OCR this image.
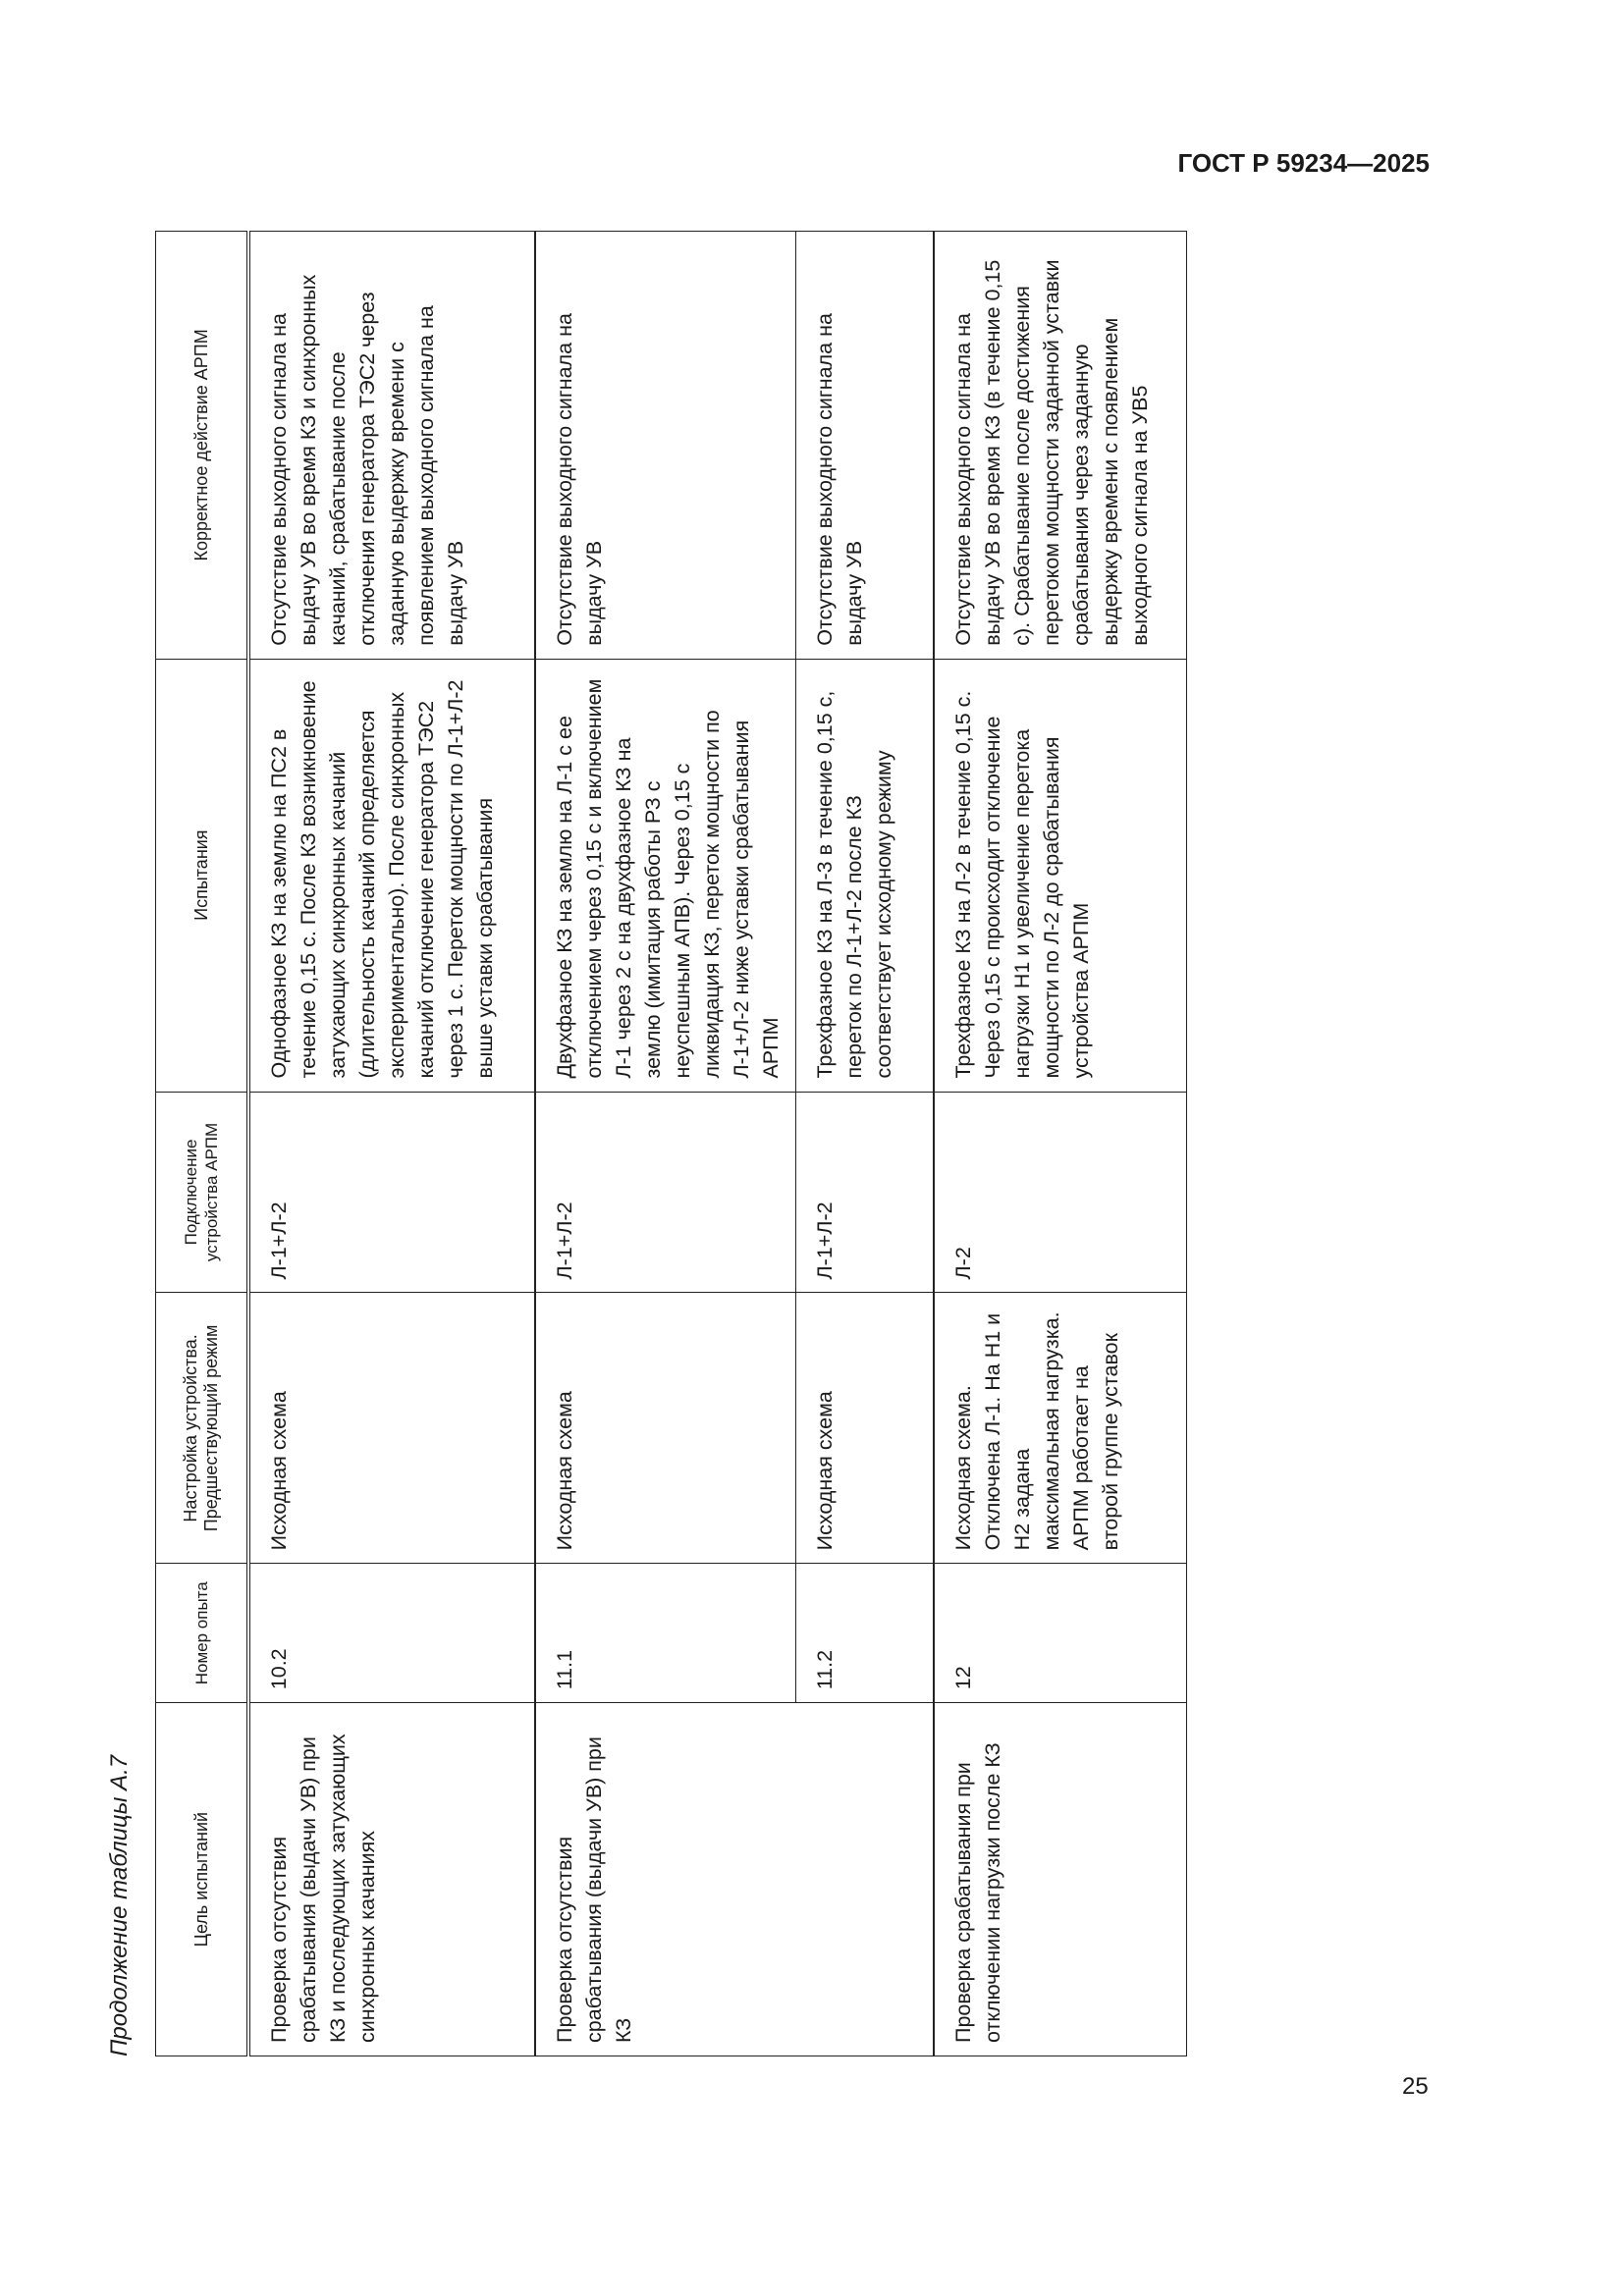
ГОСТ Р 59234—2025
Продолжение таблицы А.7	Цель испытаний	Номер опыта	Настройка устройства. Предшествующий режим	Подключение устройства АРПМ	Испытания	Корректное действие АРПМ
Проверка отсутствия срабатывания (выдачи УВ) при КЗ и последующих затухающих синхронных качаниях	10.2	Исходная схема	Л-1+Л-2	Однофазное КЗ на землю на ПС2 в течение 0,15 с. После КЗ возникновение затухающих синхронных качаний (длительность качаний определяется экспериментально). После синхронных качаний отключение генератора ТЭС2 через 1 с. Переток мощности по Л-1+Л-2 выше уставки срабатывания	Отсутствие выходного сигнала на выдачу УВ во время КЗ и синхронных качаний, срабатывание после отключения генератора ТЭС2 через заданную выдержку времени с появлением выходного сигнала на выдачу УВ
Проверка отсутствия срабатывания (выдачи УВ) при КЗ	11.1	Исходная схема	Л-1+Л-2	Двухфазное КЗ на землю на Л-1 с ее отключением через 0,15 с и включением Л-1 через 2 с на двухфазное КЗ на землю (имитация работы РЗ с неуспешным АПВ). Через 0,15 с ликвидация КЗ, переток мощности по Л-1+Л-2 ниже уставки срабатывания АРПМ	Отсутствие выходного сигнала на выдачу УВ
	11.2	Исходная схема	Л-1+Л-2	Трехфазное КЗ на Л-3 в течение 0,15 с, переток по Л-1+Л-2 после КЗ соответствует исходному режиму	Отсутствие выходного сигнала на выдачу УВ
Проверка срабатывания при отключении нагрузки после КЗ	12	Исходная схема. Отключена Л-1. На Н1 и Н2 задана максимальная нагрузка. АРПМ работает на второй группе уставок	Л-2	Трехфазное КЗ на Л-2 в течение 0,15 с. Через 0,15 с происходит отключение нагрузки Н1 и увеличение перетока мощности по Л-2 до срабатывания устройства АРПМ	Отсутствие выходного сигнала на выдачу УВ во время КЗ (в течение 0,15 с). Срабатывание после достижения перетоком мощности заданной уставки срабатывания через заданную выдержку времени с появлением выходного сигнала на УВ5
25
